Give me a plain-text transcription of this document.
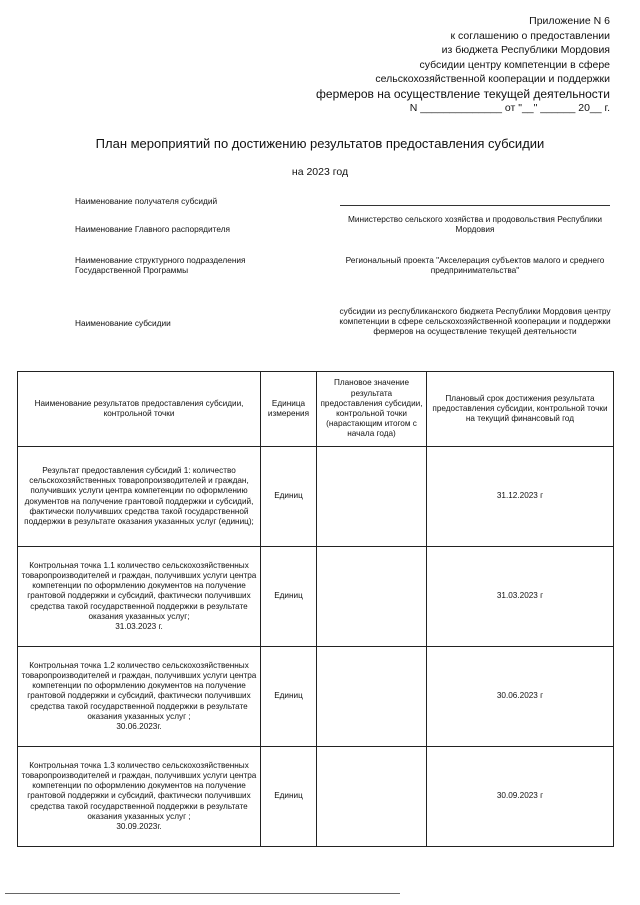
Приложение N 6
к соглашению о предоставлении
из бюджета Республики Мордовия
субсидии центру компетенции в сфере
сельскохозяйственной кооперации и поддержки
фермеров на осуществление текущей деятельности
N ______________ от "__" ______ 20__ г.
План мероприятий по достижению результатов предоставления субсидии
на 2023 год
Наименование получателя субсидий
Наименование Главного распорядителя
Министерство сельского хозяйства и продовольствия Республики Мордовия
Наименование структурного подразделения Государственной Программы
Региональный проекта "Акселерация субъектов малого и среднего предпринимательства"
Наименование субсидии
субсидии из республиканского бюджета Республики Мордовия центру компетенции в сфере сельскохозяйственной кооперации и поддержки фермеров на осуществление текущей деятельности
Наименование результатов предоставления субсидии, контрольной точки	Единица измерения	Плановое значение результата предоставления субсидии, контрольной точки (нарастающим итогом с начала года)	Плановый срок достижения результата предоставления субсидии, контрольной точки на текущий финансовый год
Результат предоставления субсидий 1: количество сельскохозяйственных товаропроизводителей и граждан, получивших услуги центра компетенции по оформлению документов на получение грантовой поддержки и субсидий, фактически получивших средства такой государственной поддержки в результате оказания указанных услуг (единиц);	Единиц		31.12.2023 г
Контрольная точка 1.1 количество сельскохозяйственных товаропроизводителей и граждан, получивших услуги центра компетенции по оформлению документов на получение грантовой поддержки и субсидий, фактически получивших средства такой государственной поддержки в результате оказания указанных услуг;
31.03.2023 г.	Единиц		31.03.2023 г
Контрольная точка 1.2 количество сельскохозяйственных товаропроизводителей и граждан, получивших услуги центра компетенции по оформлению документов на получение грантовой поддержки и субсидий, фактически получивших средства такой государственной поддержки в результате оказания указанных услуг ;
30.06.2023г.	Единиц		30.06.2023 г
Контрольная точка 1.3 количество сельскохозяйственных товаропроизводителей и граждан, получивших услуги центра компетенции по оформлению документов на получение грантовой поддержки и субсидий, фактически получивших средства такой государственной поддержки в результате оказания указанных услуг ;
30.09.2023г.	Единиц		30.09.2023 г
